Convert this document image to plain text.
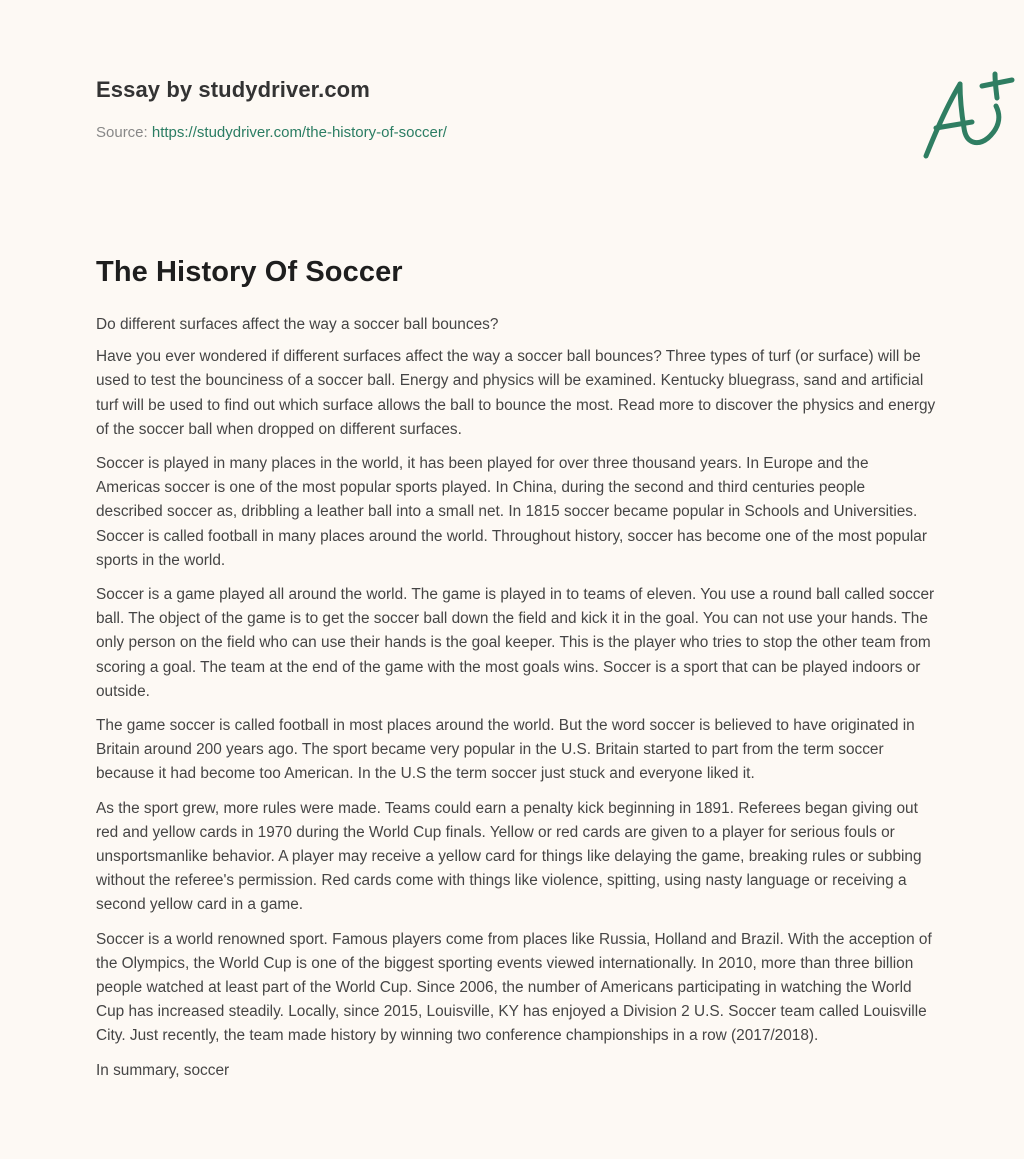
Essay by studydriver.com
Source: https://studydriver.com/the-history-of-soccer/
The History Of Soccer

Do different surfaces affect the way a soccer ball bounces?

Have you ever wondered if different surfaces affect the way a soccer ball bounces? Three types of turf (or surface) will be used to test the bounciness of a soccer ball. Energy and physics will be examined. Kentucky bluegrass, sand and artificial turf will be used to find out which surface allows the ball to bounce the most. Read more to discover the physics and energy of the soccer ball when dropped on different surfaces.

Soccer is played in many places in the world, it has been played for over three thousand years. In Europe and the Americas soccer is one of the most popular sports played. In China, during the second and third centuries people described soccer as, dribbling a leather ball into a small net. In 1815 soccer became popular in Schools and Universities. Soccer is called football in many places around the world. Throughout history, soccer has become one of the most popular sports in the world.

Soccer is a game played all around the world. The game is played in to teams of eleven. You use a round ball called soccer ball. The object of the game is to get the soccer ball down the field and kick it in the goal. You can not use your hands. The only person on the field who can use their hands is the goal keeper. This is the player who tries to stop the other team from scoring a goal. The team at the end of the game with the most goals wins. Soccer is a sport that can be played indoors or outside.

The game soccer is called football in most places around the world. But the word soccer is believed to have originated in Britain around 200 years ago. The sport became very popular in the U.S. Britain started to part from the term soccer because it had become too American. In the U.S the term soccer just stuck and everyone liked it.

As the sport grew, more rules were made. Teams could earn a penalty kick beginning in 1891. Referees began giving out red and yellow cards in 1970 during the World Cup finals. Yellow or red cards are given to a player for serious fouls or unsportsmanlike behavior. A player may receive a yellow card for things like delaying the game, breaking rules or subbing without the referee's permission. Red cards come with things like violence, spitting, using nasty language or receiving a second yellow card in a game.

Soccer is a world renowned sport. Famous players come from places like Russia, Holland and Brazil. With the acception of the Olympics, the World Cup is one of the biggest sporting events viewed internationally. In 2010, more than three billion people watched at least part of the World Cup. Since 2006, the number of Americans participating in watching the World Cup has increased steadily. Locally, since 2015, Louisville, KY has enjoyed a Division 2 U.S. Soccer team called Louisville City. Just recently, the team made history by winning two conference championships in a row (2017/2018).

In summary, soccer
